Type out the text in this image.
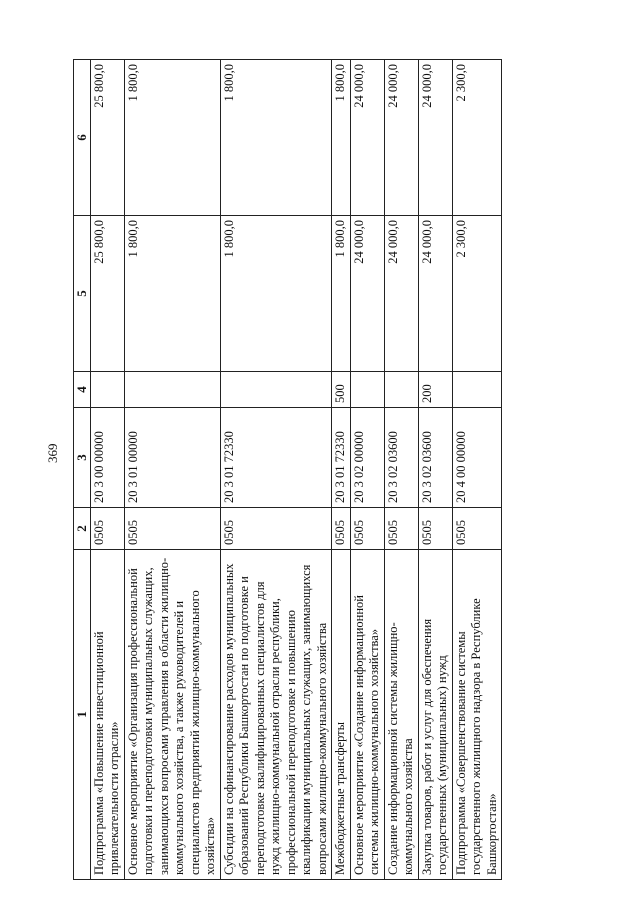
369
1	2	3	4	5	6
Подпрограмма «Повышение инвестиционной привлекательности отрасли»	0505	20 3 00 00000		25 800,0	25 800,0
Основное мероприятие «Организация профессиональной подготовки и переподготовки муниципальных служащих, занимающихся вопросами управления в области жилищно-коммунального хозяйства, а также руководителей и специалистов предприятий жилищно-коммунального хозяйства»	0505	20 3 01 00000		1 800,0	1 800,0
Субсидии на софинансирование расходов муниципальных образований Республики Башкортостан по подготовке и переподготовке квалифицированных специалистов для нужд жилищно-коммунальной отрасли республики, профессиональной переподготовке и повышению квалификации муниципальных служащих, занимающихся вопросами жилищно-коммунального хозяйства	0505	20 3 01 72330		1 800,0	1 800,0
Межбюджетные трансферты	0505	20 3 01 72330	500	1 800,0	1 800,0
Основное мероприятие «Создание информационной системы жилищно-коммунального хозяйства»	0505	20 3 02 00000		24 000,0	24 000,0
Создание информационной системы жилищно-коммунального хозяйства	0505	20 3 02 03600		24 000,0	24 000,0
Закупка товаров, работ и услуг для обеспечения государственных (муниципальных) нужд	0505	20 3 02 03600	200	24 000,0	24 000,0
Подпрограмма «Совершенствование системы государственного жилищного надзора в Республике Башкортостан»	0505	20 4 00 00000		2 300,0	2 300,0
